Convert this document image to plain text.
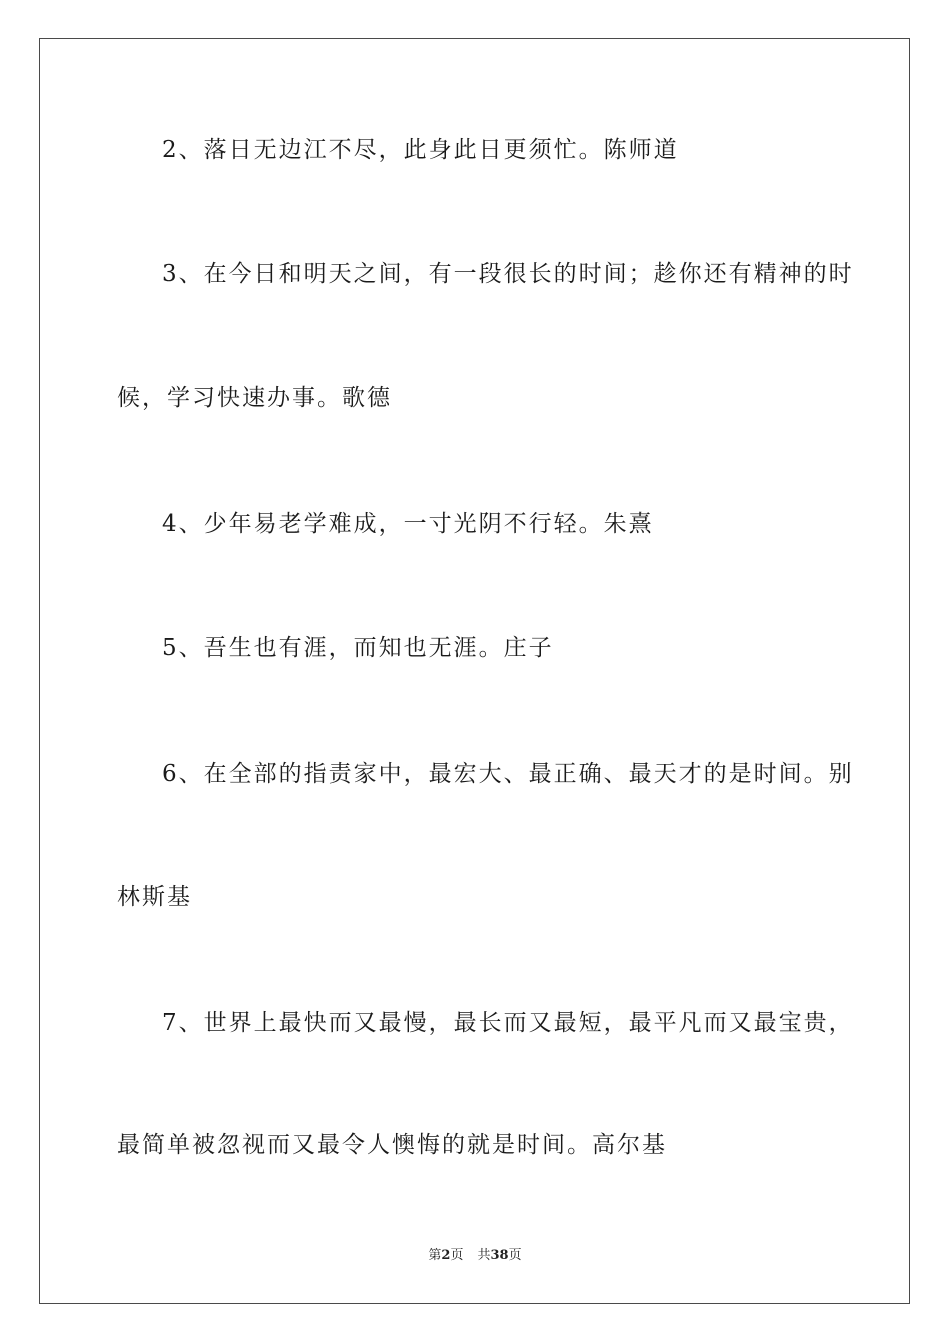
2、落日无边江不尽，此身此日更须忙。陈师道
3、在今日和明天之间，有一段很长的时间；趁你还有精神的时
候，学习快速办事。歌德
4、少年易老学难成，一寸光阴不行轻。朱熹
5、吾生也有涯，而知也无涯。庄子
6、在全部的指责家中，最宏大、最正确、最天才的是时间。别
林斯基
7、世界上最快而又最慢，最长而又最短，最平凡而又最宝贵，
最简单被忽视而又最令人懊悔的就是时间。高尔基
第2页 共38页
